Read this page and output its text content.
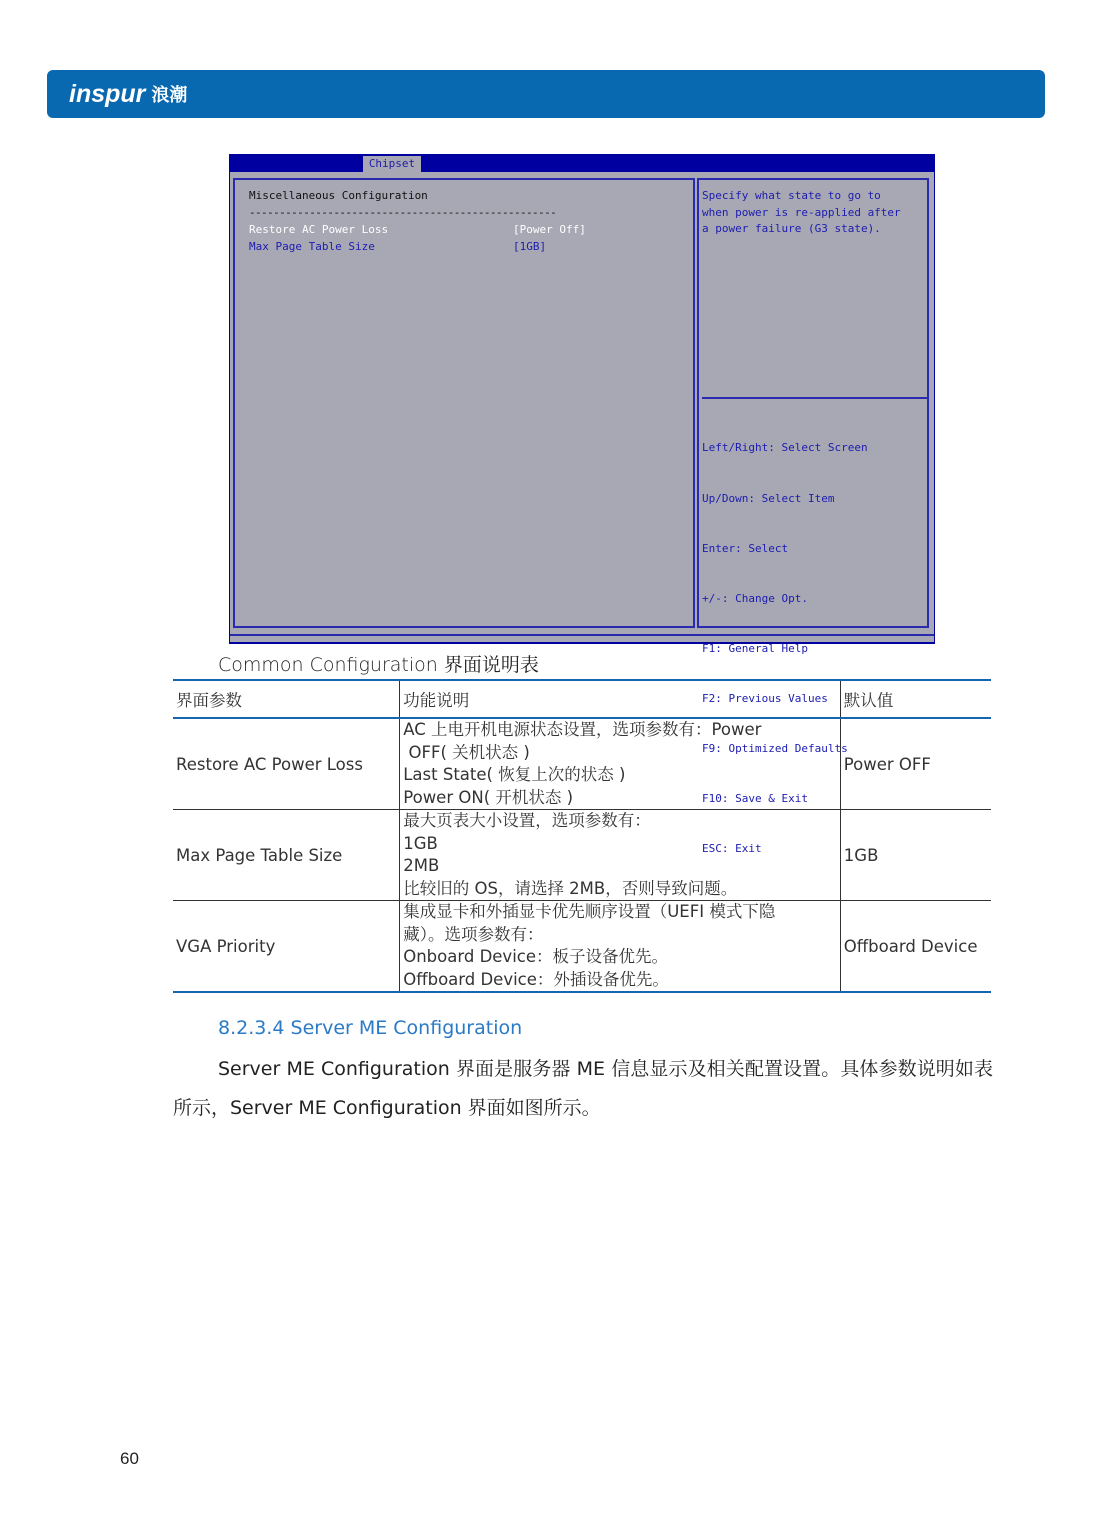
inspur 浪潮
Chipset
Miscellaneous Configuration
---------------------------------------------------
Restore AC Power Loss	[Power Off]
Max Page Table Size	[1GB]
Specify what state to go to
when power is re-applied after
a power failure (G3 state).

Left/Right: Select Screen

Up/Down: Select Item

Enter: Select

+/-: Change Opt.

F1: General Help

F2: Previous Values

F9: Optimized Defaults

F10: Save & Exit

ESC: Exit

Common Configuration 界面说明表
界面参数	功能说明	默认值
Restore AC Power Loss	AC 上电开机电源状态设置，选项参数有：Power
OFF( 关机状态 )
Last State( 恢复上次的状态 )
Power ON( 开机状态 )	Power OFF
Max Page Table Size	最大页表大小设置，选项参数有：
1GB
2MB
比较旧的 OS，请选择 2MB，否则导致问题。	1GB
VGA Priority	集成显卡和外插显卡优先顺序设置（UEFI 模式下隐
藏）。选项参数有：
Onboard Device：板子设备优先。
Offboard Device：外插设备优先。	Offboard Device
8.2.3.4 Server ME Configuration
Server ME Configuration 界面是服务器 ME 信息显示及相关配置设置。具体参数说明如表所示，Server ME Configuration 界面如图所示。
60
